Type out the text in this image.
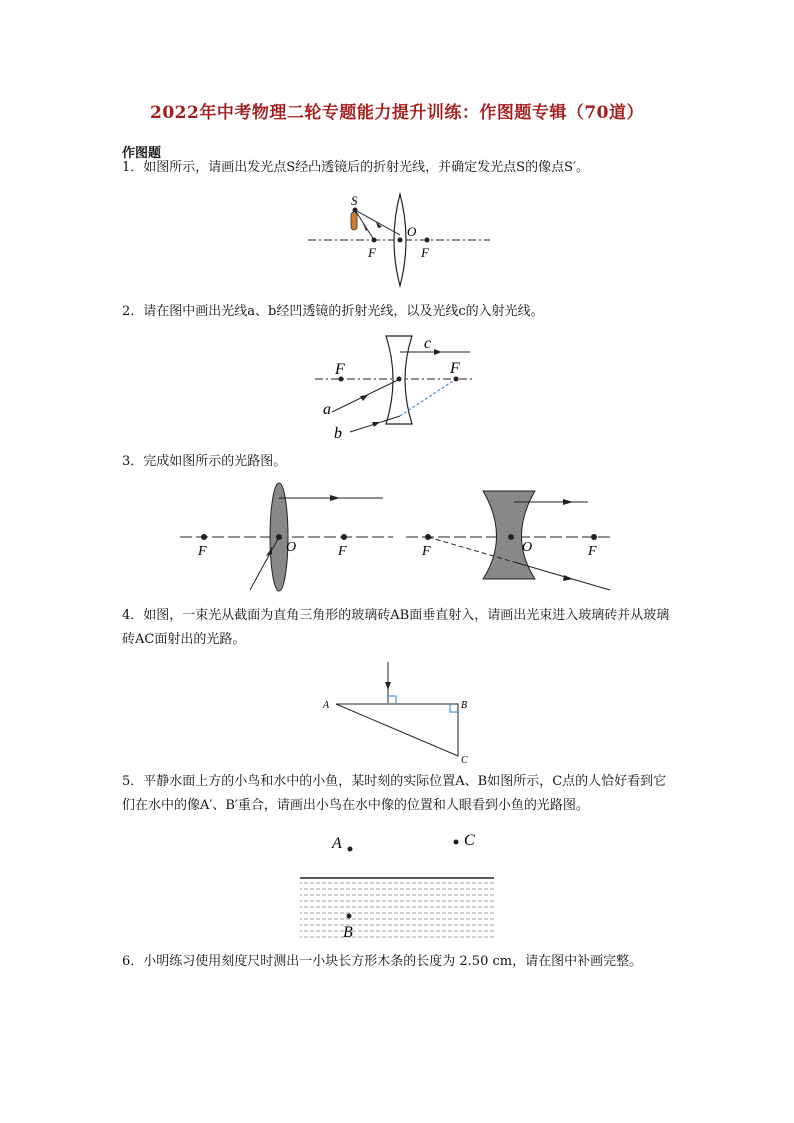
2022年中考物理二轮专题能力提升训练：作图题专辑（70道）
作图题
1．如图所示，请画出发光点S经凸透镜后的折射光线，并确定发光点S的像点S′。
S
O
F	F
2．请在图中画出光线a、b经凹透镜的折射光线，以及光线c的入射光线。
F	F
c
a
b
3．完成如图所示的光路图。
F	O	F	F	O	F
4．如图，一束光从截面为直角三角形的玻璃砖AB面垂直射入，请画出光束进入玻璃砖并从玻璃砖AC面射出的光路。
A	B
C
5．平静水面上方的小鸟和水中的小鱼，某时刻的实际位置A、B如图所示，C点的人恰好看到它们在水中的像A′、B′重合，请画出小鸟在水中像的位置和人眼看到小鱼的光路图。
A	C
B
6．小明练习使用刻度尺时测出一小块长方形木条的长度为 2.50 cm，请在图中补画完整。
